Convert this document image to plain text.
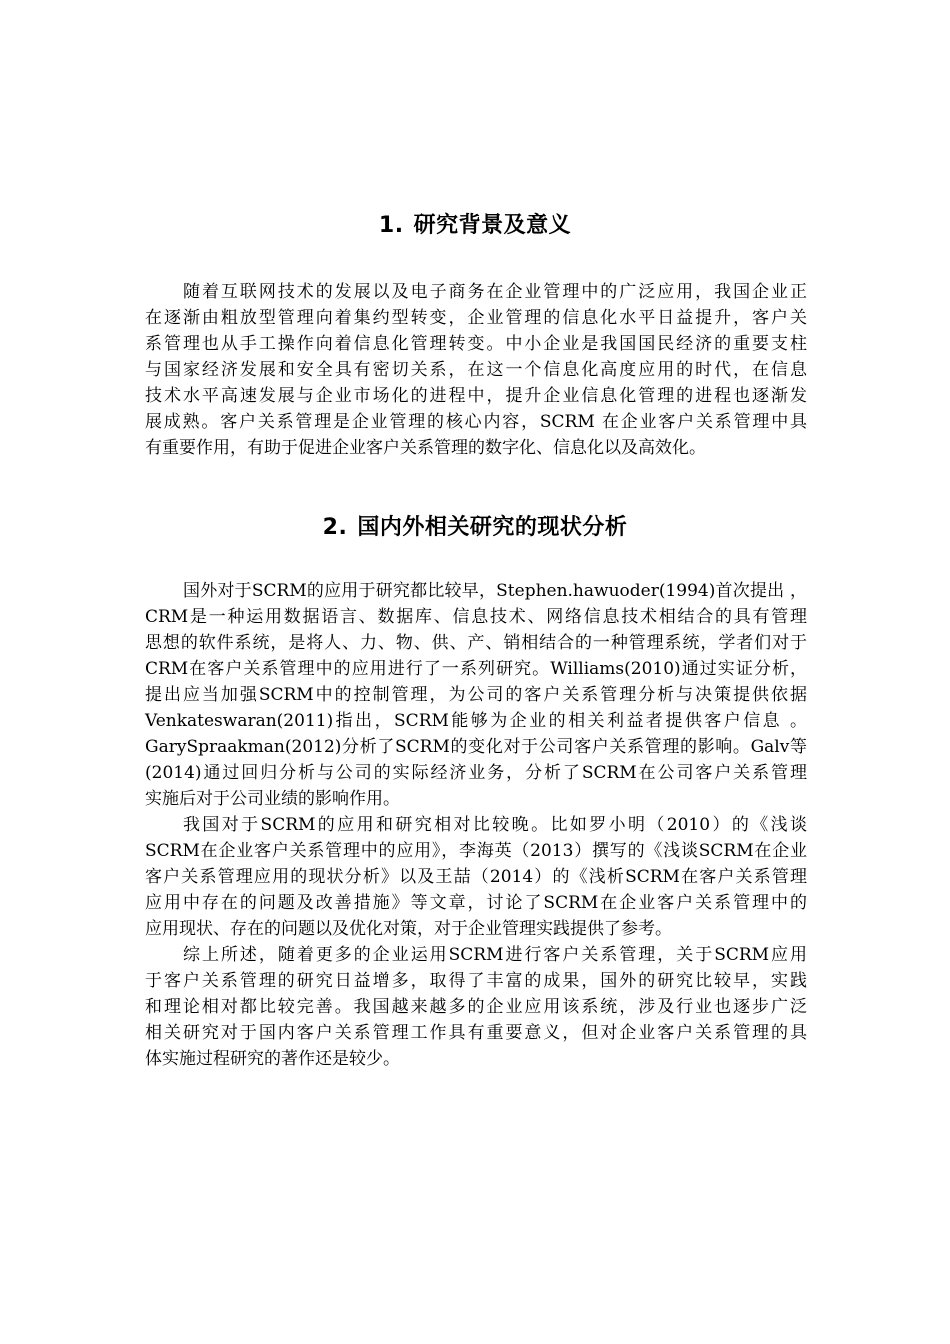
1. 研究背景及意义
随着互联网技术的发展以及电子商务在企业管理中的广泛应用，我国企业正
在逐渐由粗放型管理向着集约型转变，企业管理的信息化水平日益提升，客户关
系管理也从手工操作向着信息化管理转变。中小企业是我国国民经济的重要支柱
与国家经济发展和安全具有密切关系，在这一个信息化高度应用的时代，在信息
技术水平高速发展与企业市场化的进程中，提升企业信息化管理的进程也逐渐发
展成熟。客户关系管理是企业管理的核心内容，SCRM 在企业客户关系管理中具
有重要作用，有助于促进企业客户关系管理的数字化、信息化以及高效化。
2. 国内外相关研究的现状分析
国外对于SCRM的应用于研究都比较早，Stephen.hawuoder(1994)首次提出 ，
CRM是一种运用数据语言、数据库、信息技术、网络信息技术相结合的具有管理
思想的软件系统，是将人、力、物、供、产、销相结合的一种管理系统，学者们对于
CRM在客户关系管理中的应用进行了一系列研究。Williams(2010)通过实证分析，
提出应当加强SCRM中的控制管理，为公司的客户关系管理分析与决策提供依据
Venkateswaran(2011)指出，SCRM能够为企业的相关利益者提供客户信息 。
GarySpraakman(2012)分析了SCRM的变化对于公司客户关系管理的影响。Galv等
(2014)通过回归分析与公司的实际经济业务，分析了SCRM在公司客户关系管理
实施后对于公司业绩的影响作用。
我国对于SCRM的应用和研究相对比较晚。比如罗小明（2010）的《浅谈
SCRM在企业客户关系管理中的应用》，李海英（2013）撰写的《浅谈SCRM在企业
客户关系管理应用的现状分析》以及王喆（2014）的《浅析SCRM在客户关系管理
应用中存在的问题及改善措施》等文章，讨论了SCRM在企业客户关系管理中的
应用现状、存在的问题以及优化对策，对于企业管理实践提供了参考。
综上所述，随着更多的企业运用SCRM进行客户关系管理，关于SCRM应用
于客户关系管理的研究日益增多，取得了丰富的成果，国外的研究比较早，实践
和理论相对都比较完善。我国越来越多的企业应用该系统，涉及行业也逐步广泛
相关研究对于国内客户关系管理工作具有重要意义，但对企业客户关系管理的具
体实施过程研究的著作还是较少。
